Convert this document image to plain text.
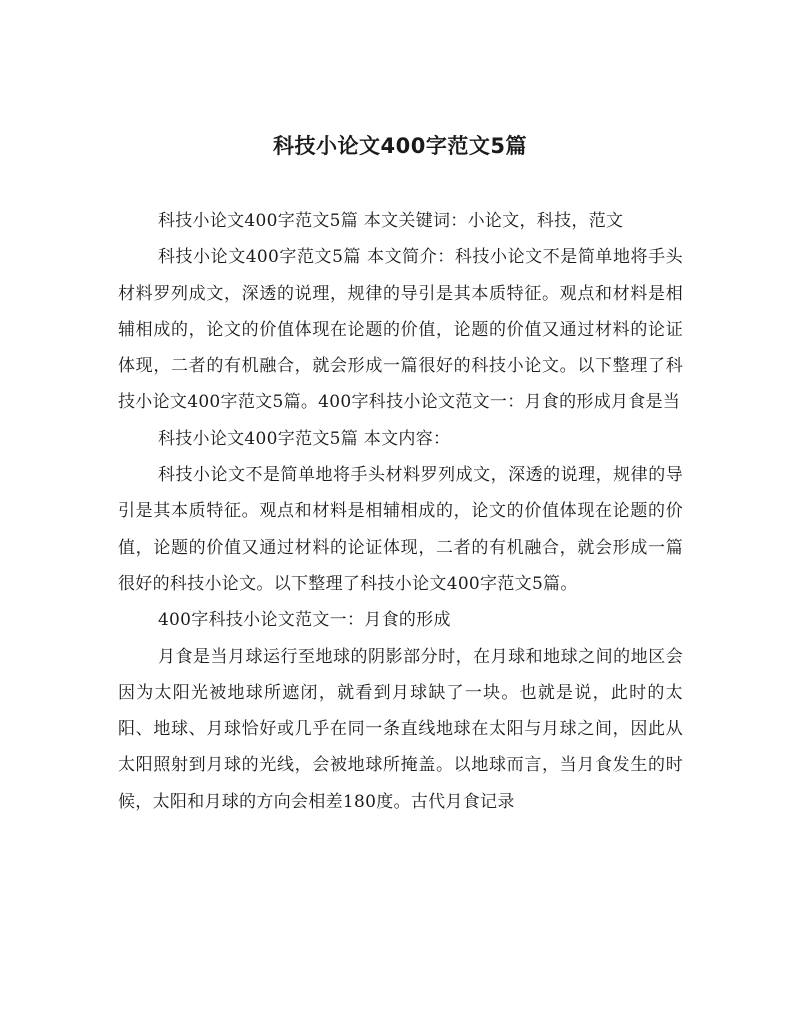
科技小论文400字范文5篇

科技小论文400字范文5篇 本文关键词：小论文，科技，范文

科技小论文400字范文5篇 本文简介：科技小论文不是简单地将手头材料罗列成文，深透的说理，规律的导引是其本质特征。观点和材料是相辅相成的，论文的价值体现在论题的价值，论题的价值又通过材料的论证体现，二者的有机融合，就会形成一篇很好的科技小论文。以下整理了科技小论文400字范文5篇。400字科技小论文范文一：月食的形成月食是当

科技小论文400字范文5篇 本文内容：

科技小论文不是简单地将手头材料罗列成文，深透的说理，规律的导引是其本质特征。观点和材料是相辅相成的，论文的价值体现在论题的价值，论题的价值又通过材料的论证体现，二者的有机融合，就会形成一篇很好的科技小论文。以下整理了科技小论文400字范文5篇。

400字科技小论文范文一：月食的形成

月食是当月球运行至地球的阴影部分时，在月球和地球之间的地区会因为太阳光被地球所遮闭，就看到月球缺了一块。也就是说，此时的太阳、地球、月球恰好或几乎在同一条直线地球在太阳与月球之间，因此从太阳照射到月球的光线，会被地球所掩盖。以地球而言，当月食发生的时候，太阳和月球的方向会相差180度。古代月食记录
